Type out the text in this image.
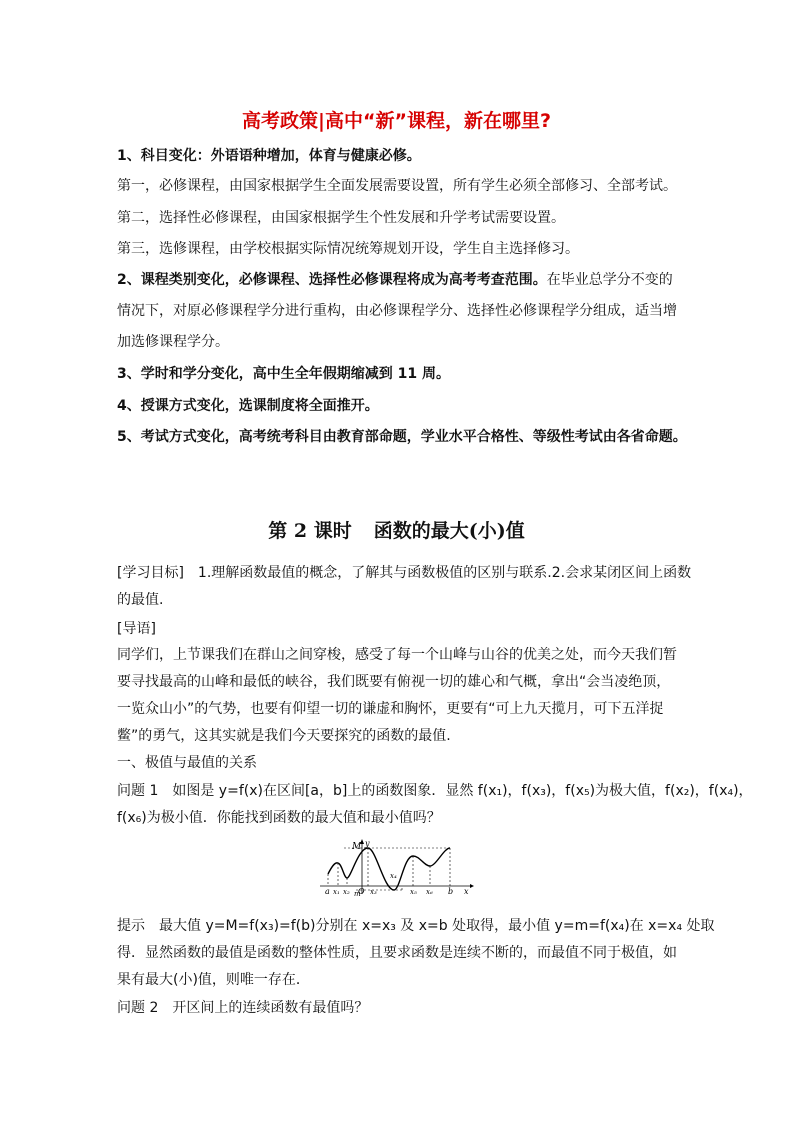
高考政策|高中“新”课程，新在哪里?
1、科目变化：外语语种增加，体育与健康必修。
第一，必修课程，由国家根据学生全面发展需要设置，所有学生必须全部修习、全部考试。
第二，选择性必修课程，由国家根据学生个性发展和升学考试需要设置。
第三，选修课程，由学校根据实际情况统筹规划开设，学生自主选择修习。
2、课程类别变化，必修课程、选择性必修课程将成为高考考查范围。在毕业总学分不变的
情况下，对原必修课程学分进行重构，由必修课程学分、选择性必修课程学分组成，适当增
加选修课程学分。
3、学时和学分变化，高中生全年假期缩减到 11 周。
4、授课方式变化，选课制度将全面推开。
5、考试方式变化，高考统考科目由教育部命题，学业水平合格性、等级性考试由各省命题。
第 2 课时 函数的最大(小)值
[学习目标]　1.理解函数最值的概念，了解其与函数极值的区别与联系.2.会求某闭区间上函数
的最值.
[导语]
同学们，上节课我们在群山之间穿梭，感受了每一个山峰与山谷的优美之处，而今天我们暂
要寻找最高的山峰和最低的峡谷，我们既要有俯视一切的雄心和气概，拿出“会当凌绝顶，
一览众山小”的气势，也要有仰望一切的谦虚和胸怀，更要有“可上九天揽月，可下五洋捉
鳖”的勇气，这其实就是我们今天要探究的函数的最值.
一、极值与最值的关系
问题 1　如图是 y=f(x)在区间[a，b]上的函数图象．显然 f(x₁)，f(x₃)，f(x₅)为极大值，f(x₂)，f(x₄)，
f(x₆)为极小值．你能找到函数的最大值和最小值吗？
M y
x
O
m
a	b
x₁ x₂	x₃
x₄
x₅ x₆
提示　最大值 y=M=f(x₃)=f(b)分别在 x=x₃ 及 x=b 处取得，最小值 y=m=f(x₄)在 x=x₄ 处取
得．显然函数的最值是函数的整体性质，且要求函数是连续不断的，而最值不同于极值，如
果有最大(小)值，则唯一存在．
问题 2　开区间上的连续函数有最值吗？
